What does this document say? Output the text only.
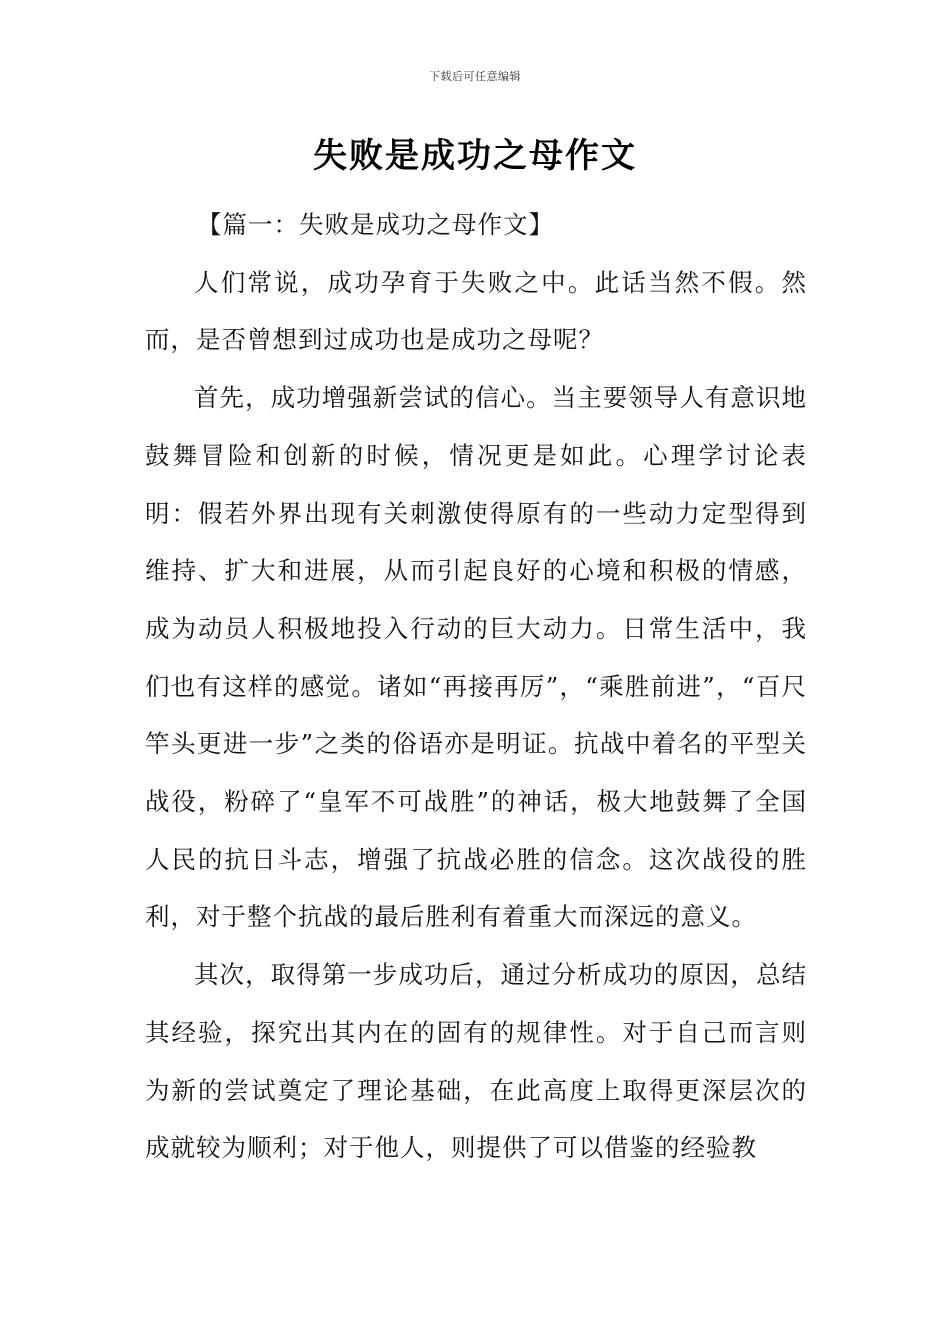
下载后可任意编辑
失败是成功之母作文

【篇一：失败是成功之母作文】

人们常说，成功孕育于失败之中。此话当然不假。然而，是否曾想到过成功也是成功之母呢？

首先，成功增强新尝试的信心。当主要领导人有意识地鼓舞冒险和创新的时候，情况更是如此。心理学讨论表明：假若外界出现有关刺激使得原有的一些动力定型得到维持、扩大和进展，从而引起良好的心境和积极的情感，成为动员人积极地投入行动的巨大动力。日常生活中，我们也有这样的感觉。诸如“再接再厉”，“乘胜前进”，“百尺竿头更进一步”之类的俗语亦是明证。抗战中着名的平型关战役，粉碎了“皇军不可战胜”的神话，极大地鼓舞了全国人民的抗日斗志，增强了抗战必胜的信念。这次战役的胜利，对于整个抗战的最后胜利有着重大而深远的意义。

其次，取得第一步成功后，通过分析成功的原因，总结其经验，探究出其内在的固有的规律性。对于自己而言则为新的尝试奠定了理论基础，在此高度上取得更深层次的成就较为顺利；对于他人，则提供了可以借鉴的经验教
